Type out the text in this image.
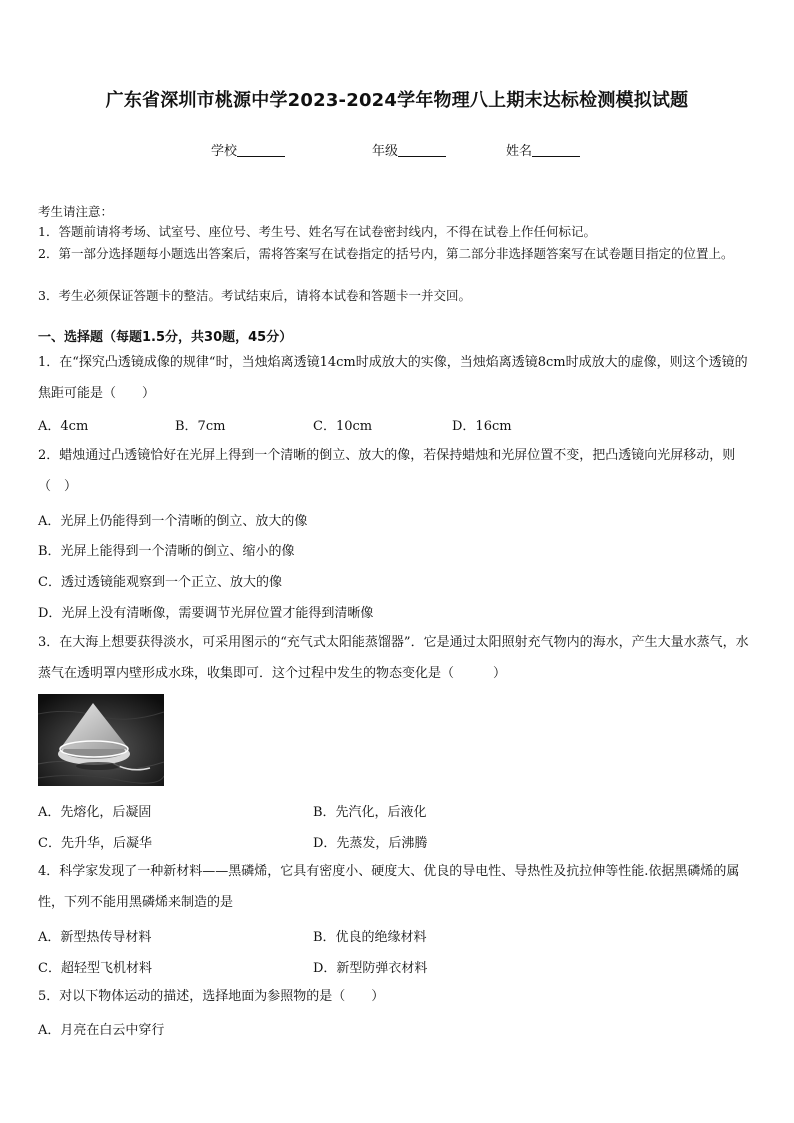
广东省深圳市桃源中学2023-2024学年物理八上期末达标检测模拟试题
学校	年级	姓名
考生请注意：
1．答题前请将考场、试室号、座位号、考生号、姓名写在试卷密封线内，不得在试卷上作任何标记。
2．第一部分选择题每小题选出答案后，需将答案写在试卷指定的括号内，第二部分非选择题答案写在试卷题目指定的位置上。
3．考生必须保证答题卡的整洁。考试结束后，请将本试卷和答题卡一并交回。
一、选择题（每题1.5分，共30题，45分）
1．在“探究凸透镜成像的规律“时，当烛焰离透镜14cm时成放大的实像，当烛焰离透镜8cm时成放大的虚像，则这个透镜的焦距可能是（　　）
A．4cm	B．7cm	C．10cm	D．16cm
2．蜡烛通过凸透镜恰好在光屏上得到一个清晰的倒立、放大的像，若保持蜡烛和光屏位置不变，把凸透镜向光屏移动，则（　）
A．光屏上仍能得到一个清晰的倒立、放大的像
B．光屏上能得到一个清晰的倒立、缩小的像
C．透过透镜能观察到一个正立、放大的像
D．光屏上没有清晰像，需要调节光屏位置才能得到清晰像
3．在大海上想要获得淡水，可采用图示的“充气式太阳能蒸馏器”．它是通过太阳照射充气物内的海水，产生大量水蒸气，水蒸气在透明罩内壁形成水珠，收集即可．这个过程中发生的物态变化是（　　　）
A．先熔化，后凝固	B．先汽化，后液化
C．先升华，后凝华	D．先蒸发，后沸腾
4．科学家发现了一种新材料——黑磷烯，它具有密度小、硬度大、优良的导电性、导热性及抗拉伸等性能.依据黑磷烯的属性，下列不能用黑磷烯来制造的是
A．新型热传导材料	B．优良的绝缘材料
C．超轻型飞机材料	D．新型防弹衣材料
5．对以下物体运动的描述，选择地面为参照物的是（　　）
A．月亮在白云中穿行
